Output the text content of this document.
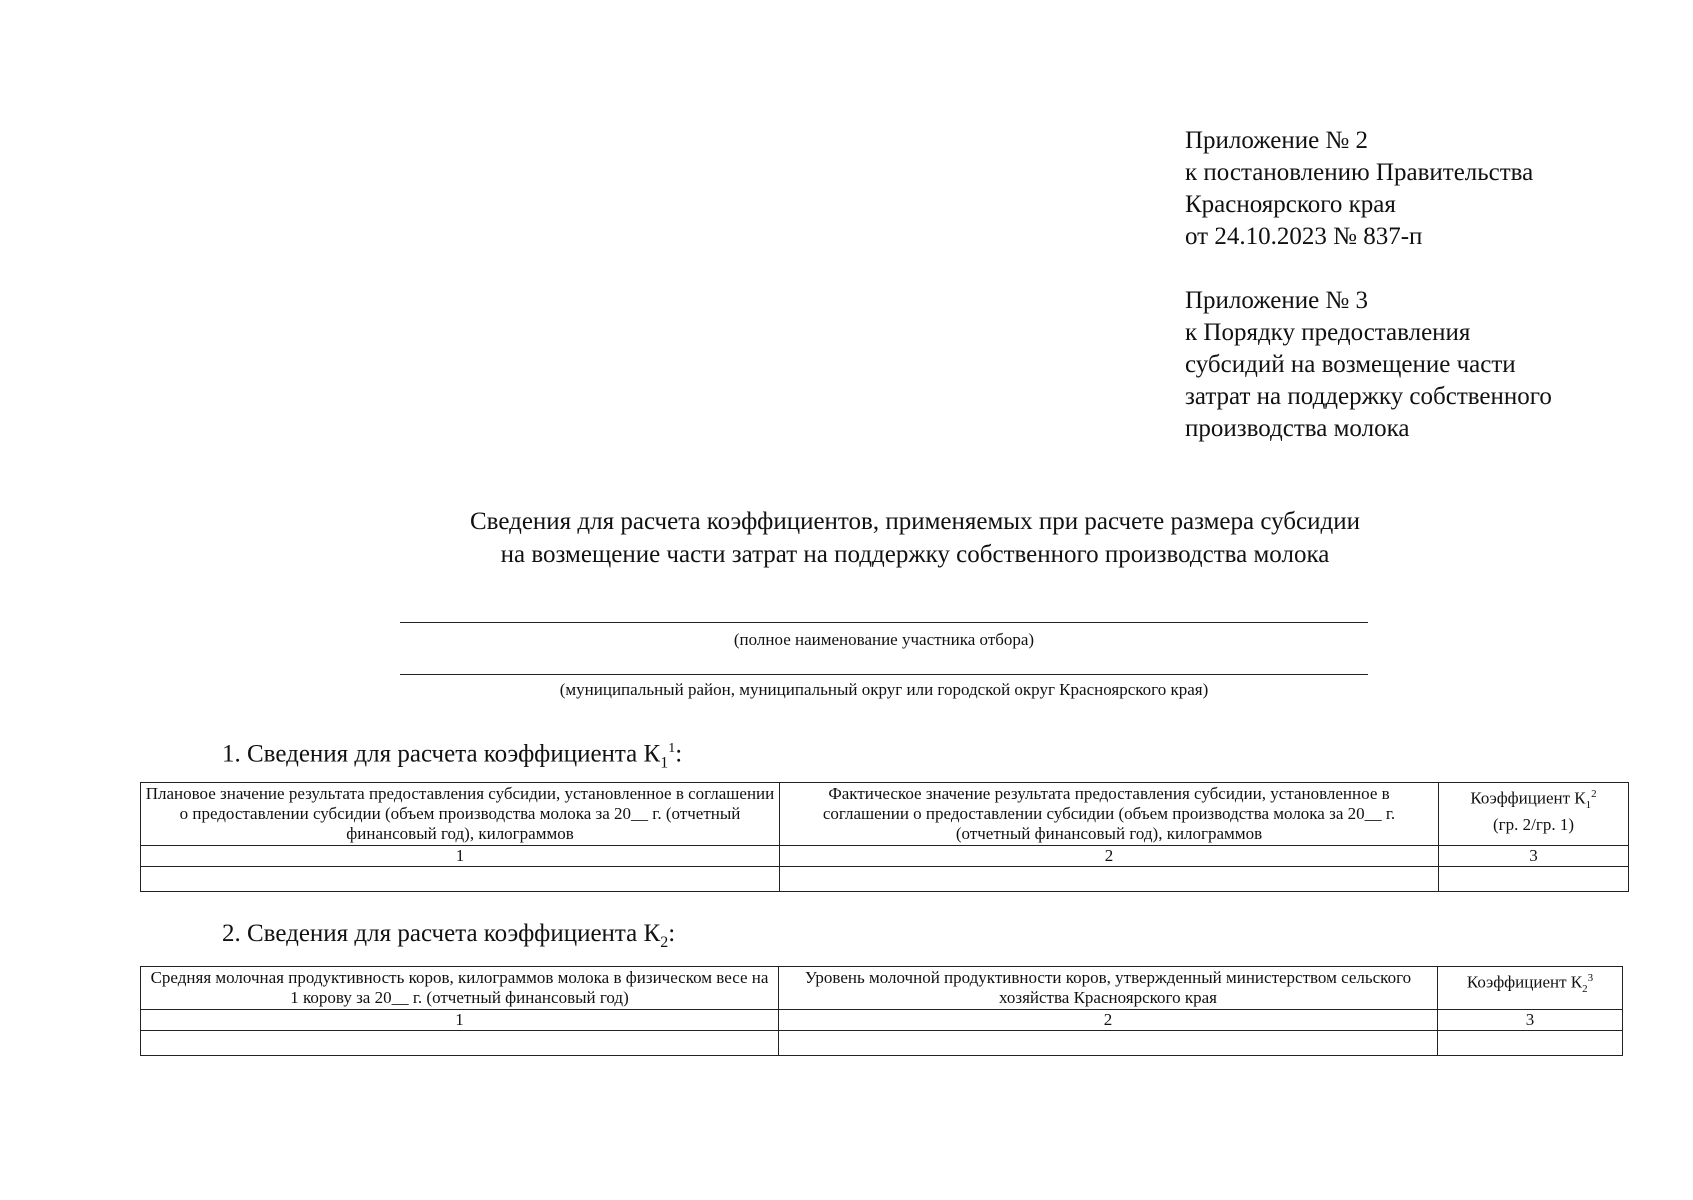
Приложение № 2
к постановлению Правительства
Красноярского края
от 24.10.2023 № 837-п
Приложение № 3
к Порядку предоставления
субсидий на возмещение части
затрат на поддержку собственного
производства молока
Сведения для расчета коэффициентов, применяемых при расчете размера субсидии
на возмещение части затрат на поддержку собственного производства молока
(полное наименование участника отбора)
(муниципальный район, муниципальный округ или городской округ Красноярского края)
1. Сведения для расчета коэффициента $К_1^1$:
Плановое значение результата предоставления субсидии, установленное в соглашении о предоставлении субсидии (объем производства молока за 20__ г. (отчетный финансовый год), килограммов	Фактическое значение результата предоставления субсидии, установленное в соглашении о предоставлении субсидии (объем производства молока за 20__ г. (отчетный финансовый год), килограммов	Коэффициент $К_1^2$
(гр. 2/гр. 1)
1	2	3

2. Сведения для расчета коэффициента $К_2$:
Средняя молочная продуктивность коров, килограммов молока в физическом весе на 1 корову за 20__ г. (отчетный финансовый год)	Уровень молочной продуктивности коров, утвержденный министерством сельского хозяйства Красноярского края	Коэффициент $К_2^3$
1	2	3
